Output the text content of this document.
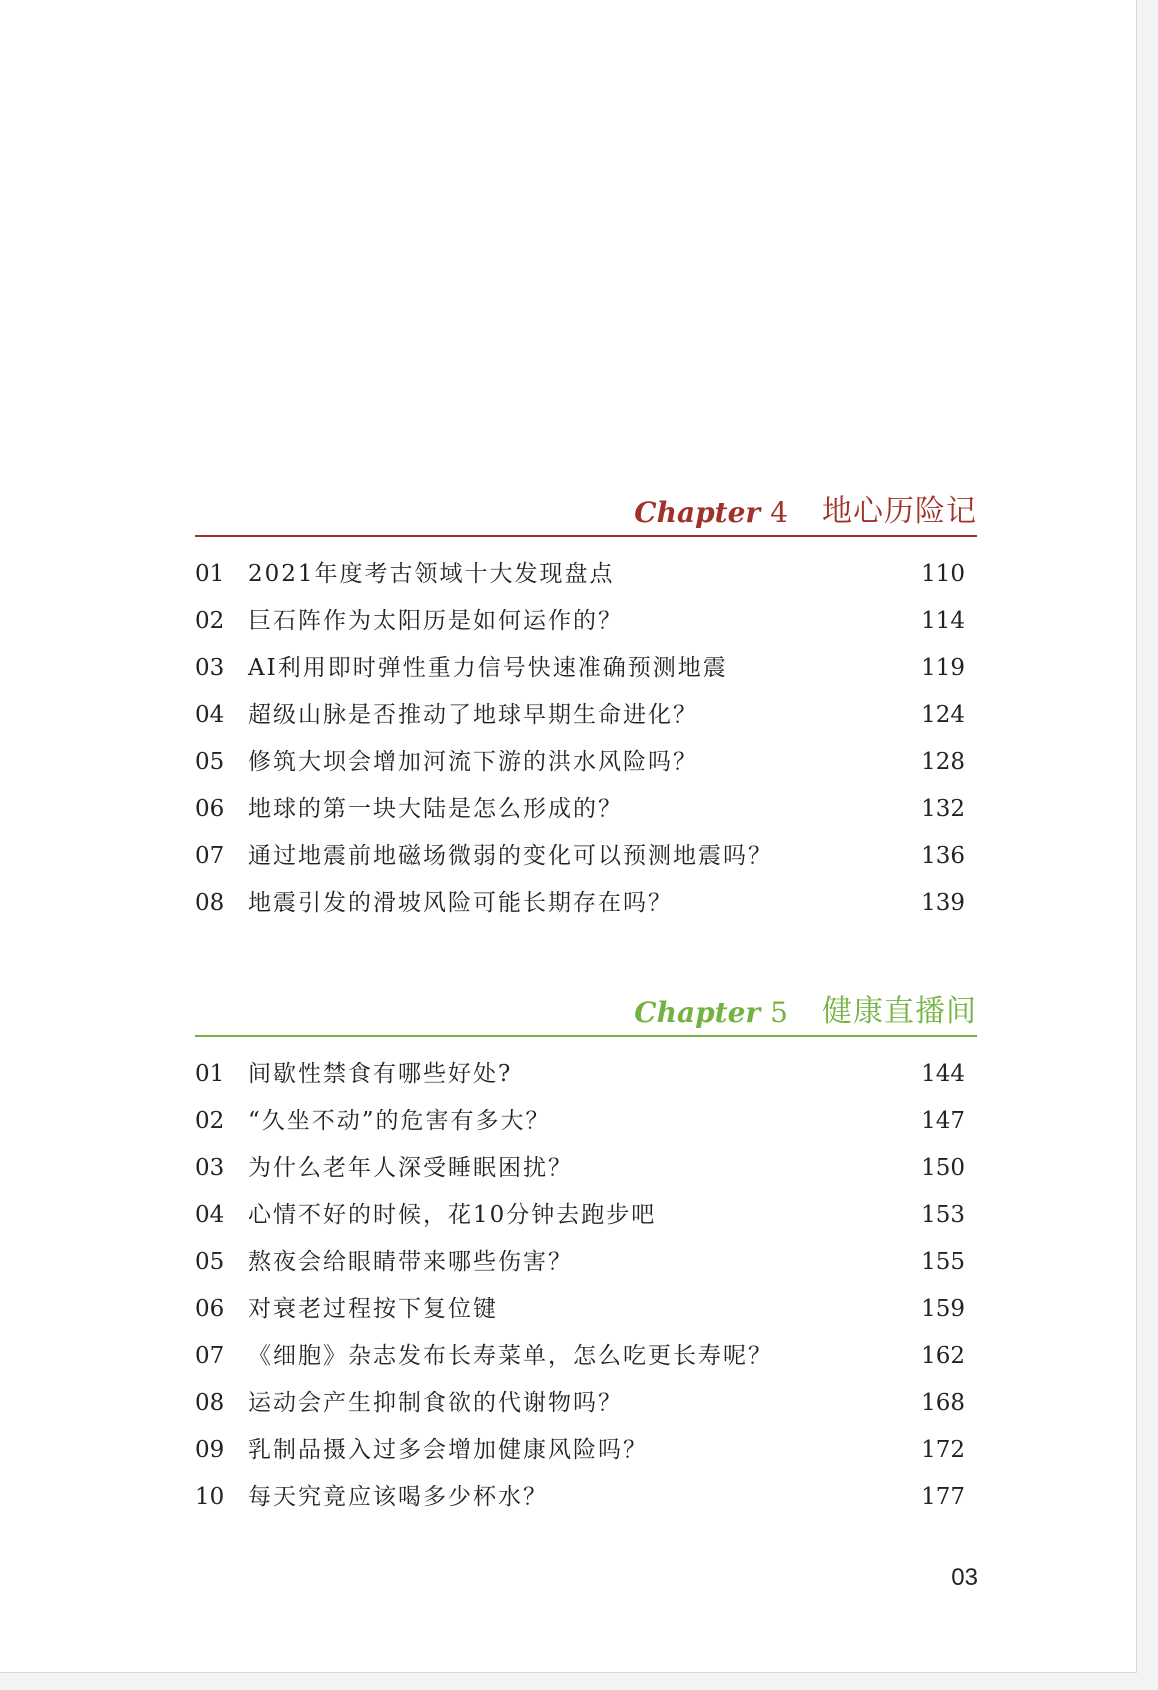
Chapter 4 地心历险记
01	2021年度考古领域十大发现盘点	110
02	巨石阵作为太阳历是如何运作的？	114
03	AI利用即时弹性重力信号快速准确预测地震	119
04	超级山脉是否推动了地球早期生命进化？	124
05	修筑大坝会增加河流下游的洪水风险吗？	128
06	地球的第一块大陆是怎么形成的？	132
07	通过地震前地磁场微弱的变化可以预测地震吗？	136
08	地震引发的滑坡风险可能长期存在吗？	139
Chapter 5 健康直播间
01	间歇性禁食有哪些好处?	144
02	“久坐不动”的危害有多大？	147
03	为什么老年人深受睡眠困扰？	150
04	心情不好的时候，花10分钟去跑步吧	153
05	熬夜会给眼睛带来哪些伤害？	155
06	对衰老过程按下复位键	159
07	《细胞》杂志发布长寿菜单，怎么吃更长寿呢？	162
08	运动会产生抑制食欲的代谢物吗？	168
09	乳制品摄入过多会增加健康风险吗？	172
10	每天究竟应该喝多少杯水？	177
03
